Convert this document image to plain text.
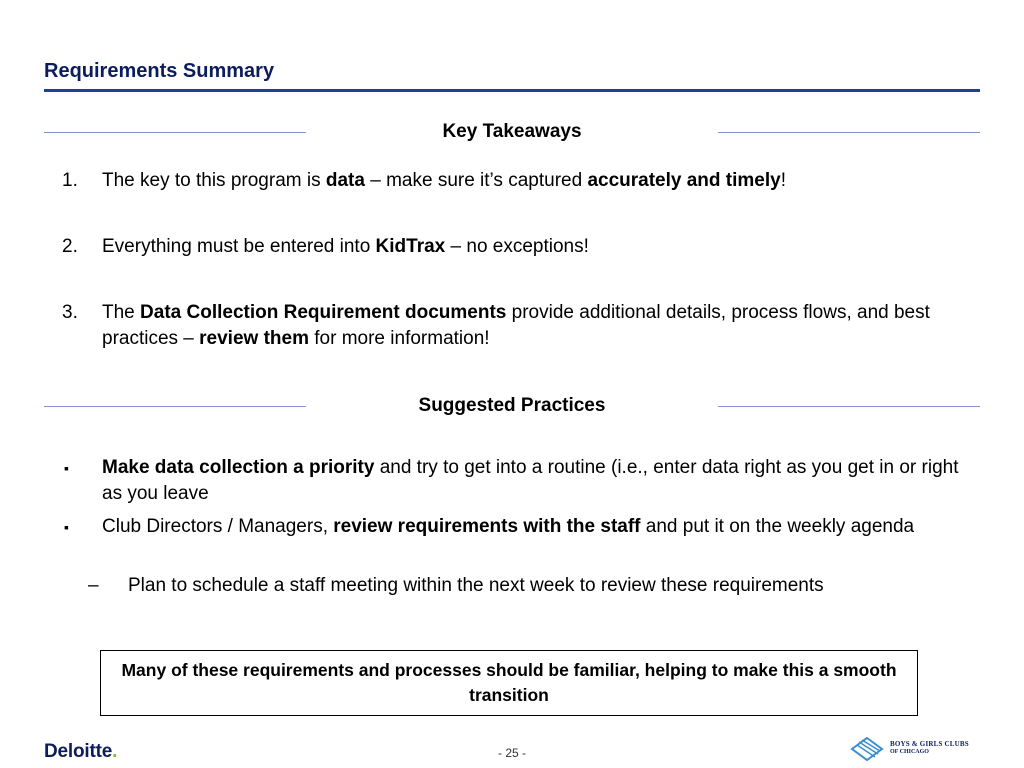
Requirements Summary
Key Takeaways
1. The key to this program is data – make sure it’s captured accurately and timely!
2. Everything must be entered into KidTrax – no exceptions!
3. The Data Collection Requirement documents provide additional details, process flows, and best practices – review them for more information!
Suggested Practices
▪ Make data collection a priority and try to get into a routine (i.e., enter data right as you get in or right as you leave
▪ Club Directors / Managers, review requirements with the staff and put it on the weekly agenda
– Plan to schedule a staff meeting within the next week to review these requirements
Many of these requirements and processes should be familiar, helping to make this a smooth transition
Deloitte.	- 25 -
BOYS & GIRLS CLUBS
OF CHICAGO
